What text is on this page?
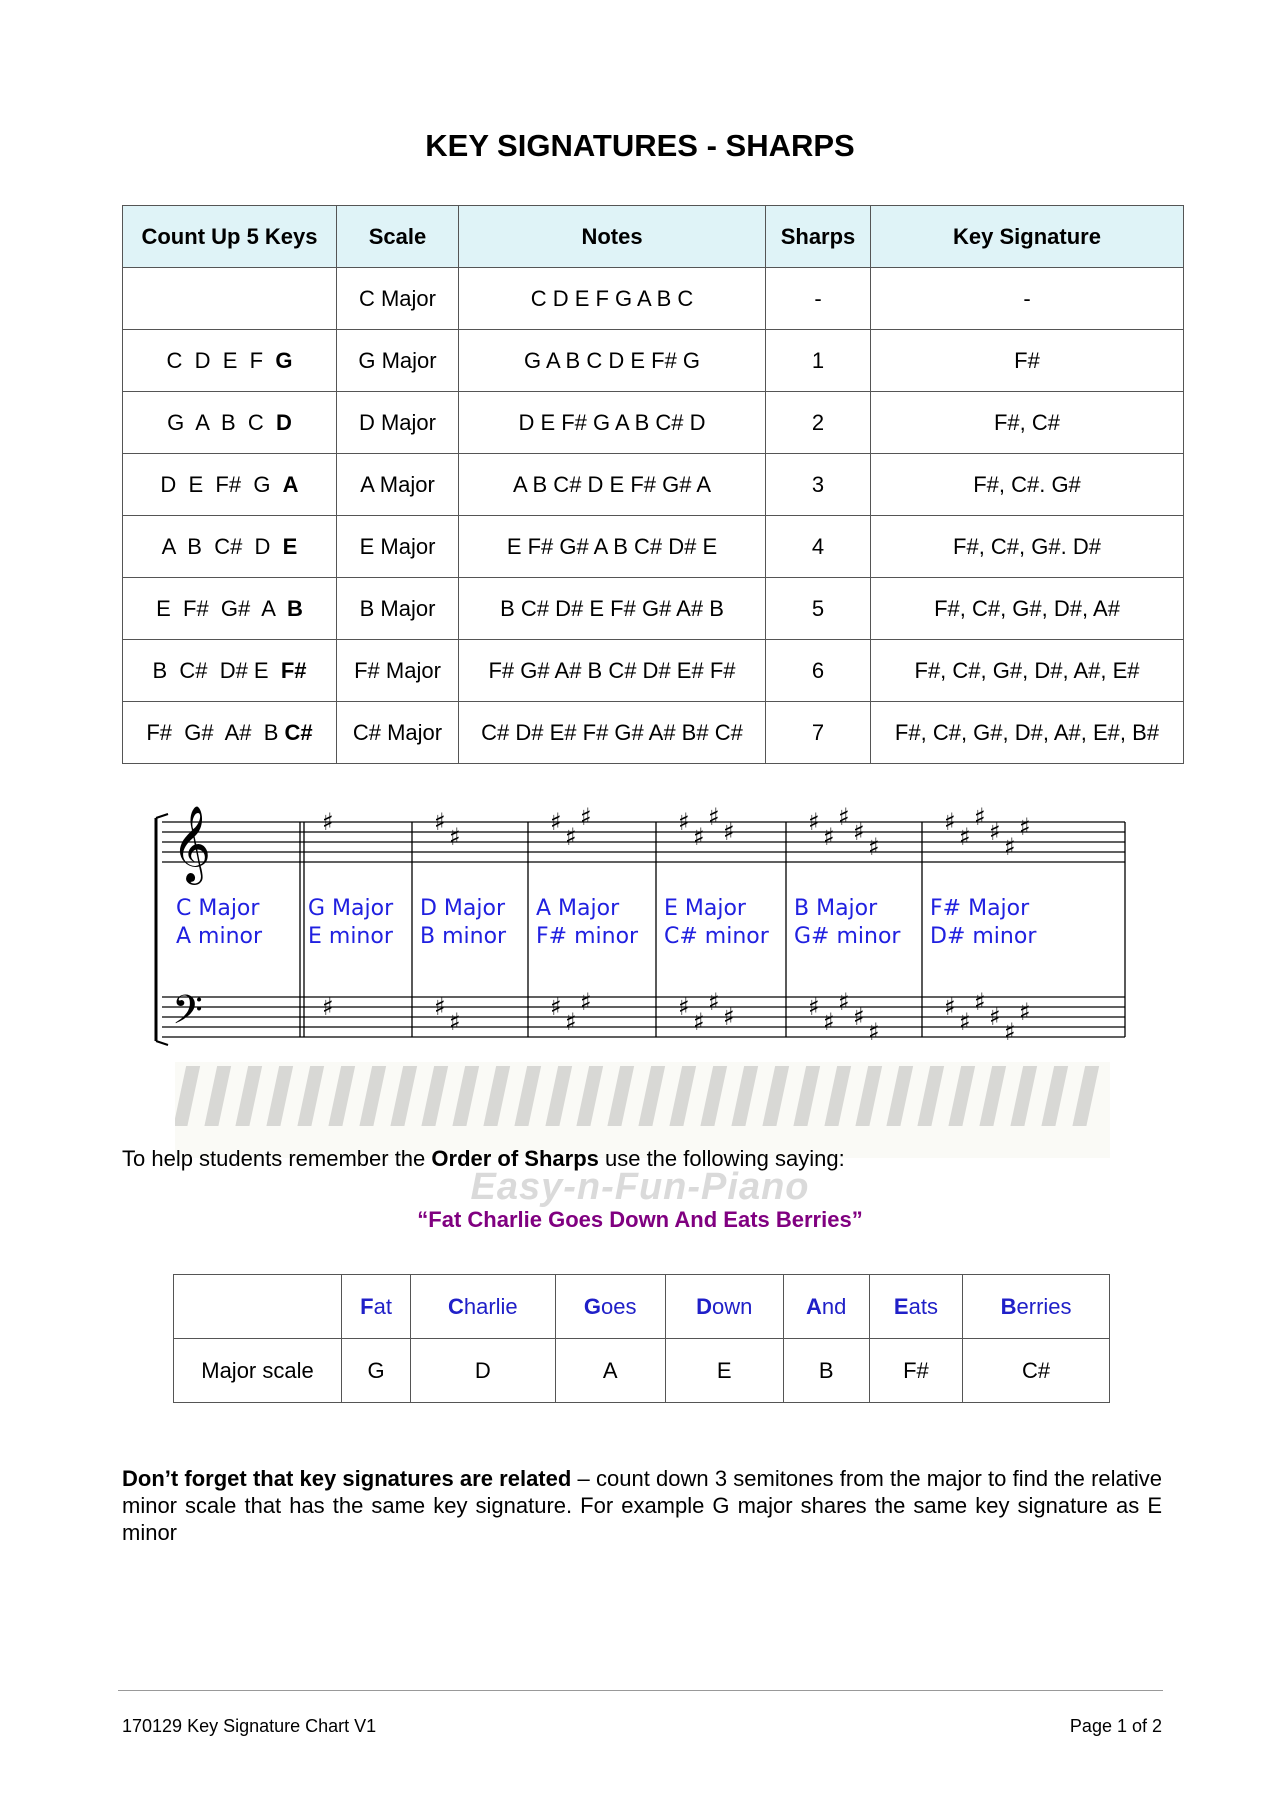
KEY SIGNATURES - SHARPS
Count Up 5 Keys	Scale	Notes	Sharps	Key Signature
	C Major	C D E F G A B C	-	-
C  D  E  F  G	G Major	G A B C D E F# G	1	F#
G  A  B  C  D	D Major	D E F# G A B C# D	2	F#, C#
D  E  F#  G  A	A Major	A B C# D E F# G# A	3	F#, C#. G#
A  B  C#  D  E	E Major	E F# G# A B C# D# E	4	F#, C#, G#. D#
E  F#  G#  A  B	B Major	B C# D# E F# G# A# B	5	F#, C#, G#, D#, A#
B  C#  D# E  F#	F# Major	F# G# A# B C# D# E# F#	6	F#, C#, G#, D#, A#, E#
F#  G#  A#  B C#	C# Major	C# D# E# F# G# A# B# C#	7	F#, C#, G#, D#, A#, E#, B#
𝄞
𝄢
♯
♯
♯
♯
♯
♯
♯
♯
♯
♯
♯
♯
♯
♯
♯
♯
♯
♯
♯
♯
♯
♯
♯
♯
♯
♯
♯
♯
♯
♯
♯
♯
♯
♯
♯
♯
♯
♯
♯
♯
♯
♯
C Major
A minor
G Major
E minor
D Major
B minor
A Major
F# minor
E Major
C# minor
B Major
G# minor
F# Major
D# minor
Easy-n-Fun-Piano
To help students remember the Order of Sharps use the following saying:
“Fat Charlie Goes Down And Eats Berries”
	Fat	Charlie	Goes	Down	And	Eats	Berries
Major scale	G	D	A	E	B	F#	C#

Don’t forget that key signatures are related – count down 3 semitones from the major to find the relative minor scale that has the same key signature. For example G major shares the same key signature as E minor

170129 Key Signature Chart V1	Page 1 of 2
